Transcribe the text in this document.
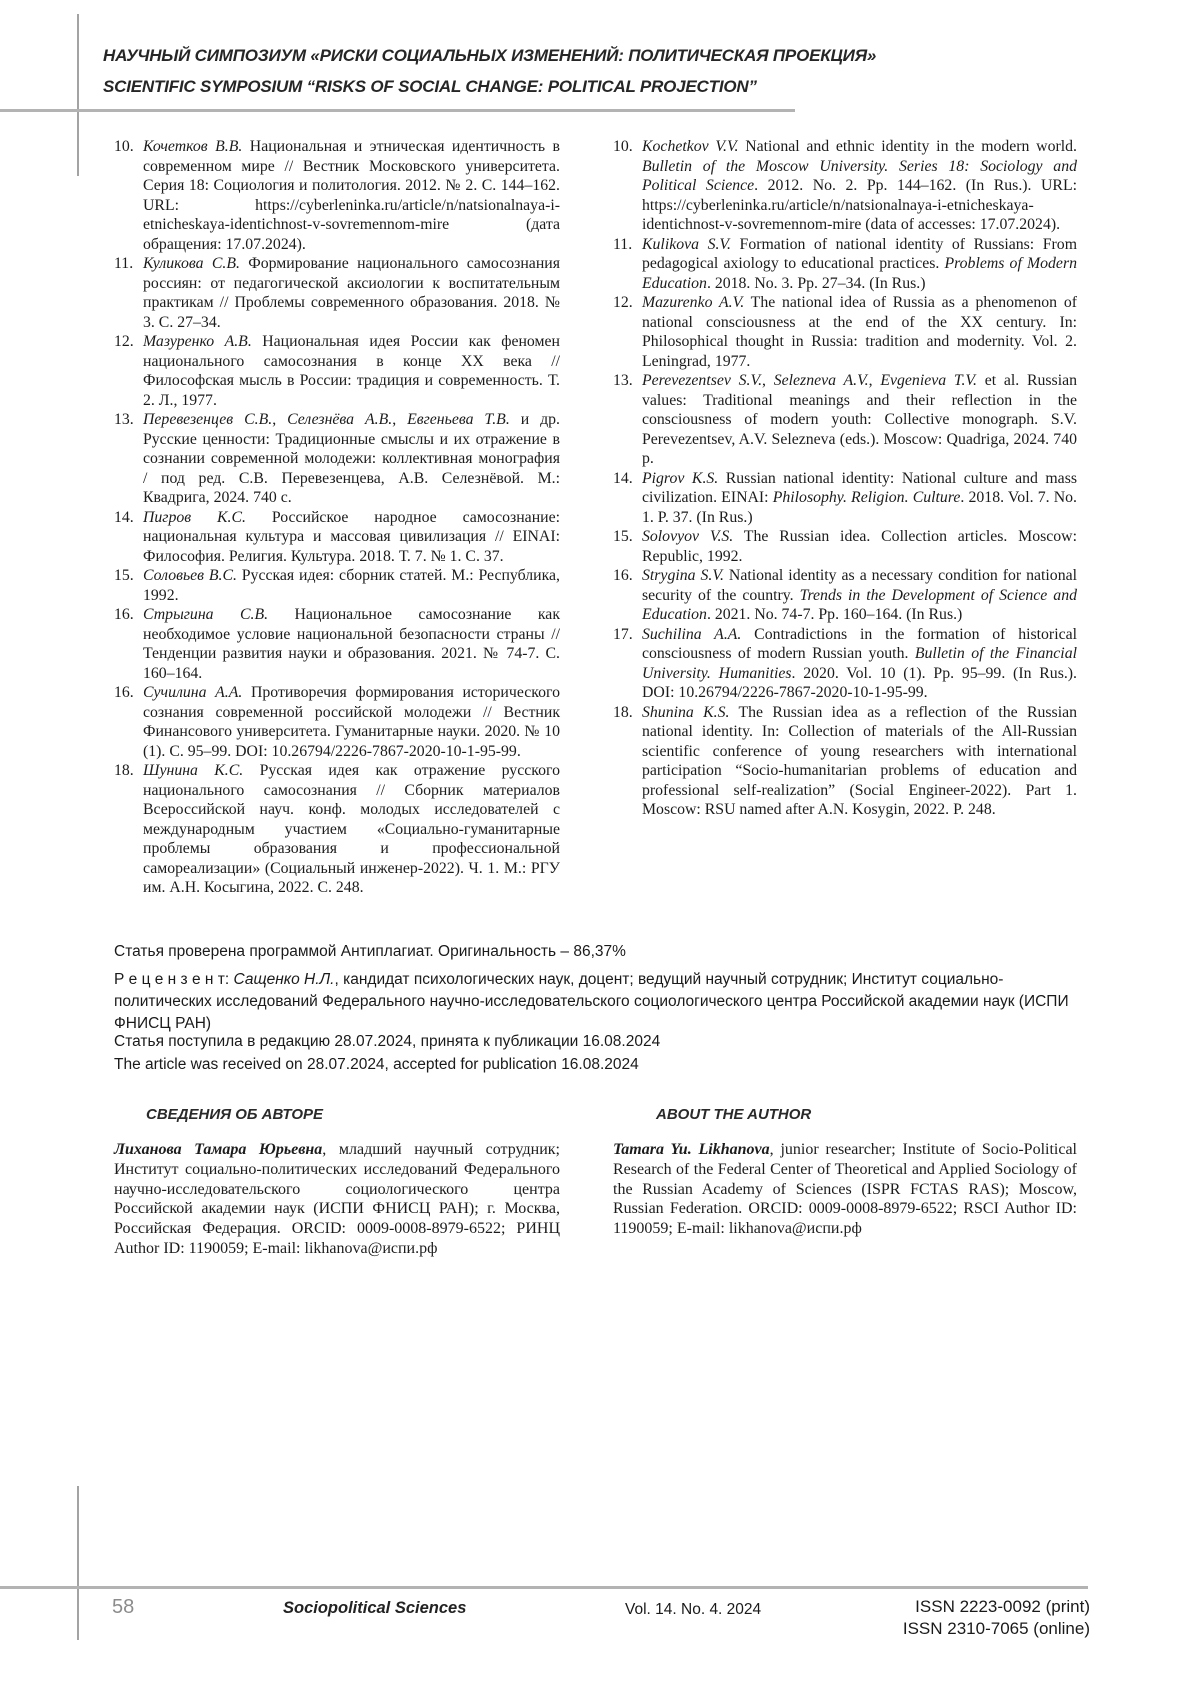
НАУЧНЫЙ СИМПОЗИУМ «РИСКИ СОЦИАЛЬНЫХ ИЗМЕНЕНИЙ: ПОЛИТИЧЕСКАЯ ПРОЕКЦИЯ»
SCIENTIFIC SYMPOSIUM “RISKS OF SOCIAL CHANGE: POLITICAL PROJECTION”
10. Кочетков В.В. Национальная и этническая идентичность в современном мире // Вестник Московского университета. Серия 18: Социология и политология. 2012. № 2. С. 144–162. URL: https://cyberleninka.ru/article/n/natsionalnaya-i-etnicheskaya-identichnost-v-sovremennom-mire (дата обращения: 17.07.2024).
11. Куликова С.В. Формирование национального самосознания россиян: от педагогической аксиологии к воспитательным практикам // Проблемы современного образования. 2018. № 3. С. 27–34.
12. Мазуренко А.В. Национальная идея России как феномен национального самосознания в конце XX века // Философская мысль в России: традиция и современность. Т. 2. Л., 1977.
13. Перевезенцев С.В., Селезнёва А.В., Евгеньева Т.В. и др. Русские ценности: Традиционные смыслы и их отражение в сознании современной молодежи: коллективная монография / под ред. С.В. Перевезенцева, А.В. Селезнёвой. М.: Квадрига, 2024. 740 с.
14. Пигров К.С. Российское народное самосознание: национальная культура и массовая цивилизация // EINAI: Философия. Религия. Культура. 2018. Т. 7. № 1. С. 37.
15. Соловьев В.С. Русская идея: сборник статей. М.: Республика, 1992.
16. Стрыгина С.В. Национальное самосознание как необходимое условие национальной безопасности страны // Тенденции развития науки и образования. 2021. № 74-7. С. 160–164.
16. Сучилина А.А. Противоречия формирования исторического сознания современной российской молодежи // Вестник Финансового университета. Гуманитарные науки. 2020. № 10 (1). С. 95–99. DOI: 10.26794/2226-7867-2020-10-1-95-99.
18. Шунина К.С. Русская идея как отражение русского национального самосознания // Сборник материалов Всероссийской науч. конф. молодых исследователей с международным участием «Социально-гуманитарные проблемы образования и профессиональной самореализации» (Социальный инженер-2022). Ч. 1. М.: РГУ им. А.Н. Косыгина, 2022. С. 248.
10. Kochetkov V.V. National and ethnic identity in the modern world. Bulletin of the Moscow University. Series 18: Sociology and Political Science. 2012. No. 2. Pp. 144–162. (In Rus.). URL: https://cyberleninka.ru/article/n/natsionalnaya-i-etnicheskaya-identichnost-v-sovremennom-mire (data of accesses: 17.07.2024).
11. Kulikova S.V. Formation of national identity of Russians: From pedagogical axiology to educational practices. Problems of Modern Education. 2018. No. 3. Pp. 27–34. (In Rus.)
12. Mazurenko A.V. The national idea of Russia as a phenomenon of national consciousness at the end of the XX century. In: Philosophical thought in Russia: tradition and modernity. Vol. 2. Leningrad, 1977.
13. Perevezentsev S.V., Selezneva A.V., Evgenieva T.V. et al. Russian values: Traditional meanings and their reflection in the consciousness of modern youth: Collective monograph. S.V. Perevezentsev, A.V. Selezneva (eds.). Moscow: Quadriga, 2024. 740 p.
14. Pigrov K.S. Russian national identity: National culture and mass civilization. EINAI: Philosophy. Religion. Culture. 2018. Vol. 7. No. 1. P. 37. (In Rus.)
15. Solovyov V.S. The Russian idea. Collection articles. Moscow: Republic, 1992.
16. Strygina S.V. National identity as a necessary condition for national security of the country. Trends in the Development of Science and Education. 2021. No. 74-7. Pp. 160–164. (In Rus.)
17. Suchilina A.A. Contradictions in the formation of historical consciousness of modern Russian youth. Bulletin of the Financial University. Humanities. 2020. Vol. 10 (1). Pp. 95–99. (In Rus.). DOI: 10.26794/2226-7867-2020-10-1-95-99.
18. Shunina K.S. The Russian idea as a reflection of the Russian national identity. In: Collection of materials of the All-Russian scientific conference of young researchers with international participation “Socio-humanitarian problems of education and professional self-realization” (Social Engineer-2022). Part 1. Moscow: RSU named after A.N. Kosygin, 2022. P. 248.

Статья проверена программой Антиплагиат. Оригинальность – 86,37%

Р е ц е н з е н т: Сащенко Н.Л., кандидат психологических наук, доцент; ведущий научный сотрудник; Институт социально-политических исследований Федерального научно-исследовательского социологического центра Российской академии наук (ИСПИ ФНИСЦ РАН)

Статья поступила в редакцию 28.07.2024, принята к публикации 16.08.2024

The article was received on 28.07.2024, accepted for publication 16.08.2024

СВЕДЕНИЯ ОБ АВТОРЕ	ABOUT THE AUTHOR

Лиханова Тамара Юрьевна, младший научный сотрудник; Институт социально-политических исследований Федерального научно-исследовательского социологического центра Российской академии наук (ИСПИ ФНИСЦ РАН); г. Москва, Российская Федерация. ORCID: 0009-0008-8979-6522; РИНЦ Author ID: 1190059; E-mail: likhanova@испи.рф

Tamara Yu. Likhanova, junior researcher; Institute of Socio-Political Research of the Federal Center of Theoretical and Applied Sociology of the Russian Academy of Sciences (ISPR FCTAS RAS); Moscow, Russian Federation. ORCID: 0009-0008-8979-6522; RSCI Author ID: 1190059; E-mail: likhanova@испи.рф

58	Sociopolitical Sciences	Vol. 14. No. 4. 2024	ISSN 2223-0092 (print)
ISSN 2310-7065 (online)
